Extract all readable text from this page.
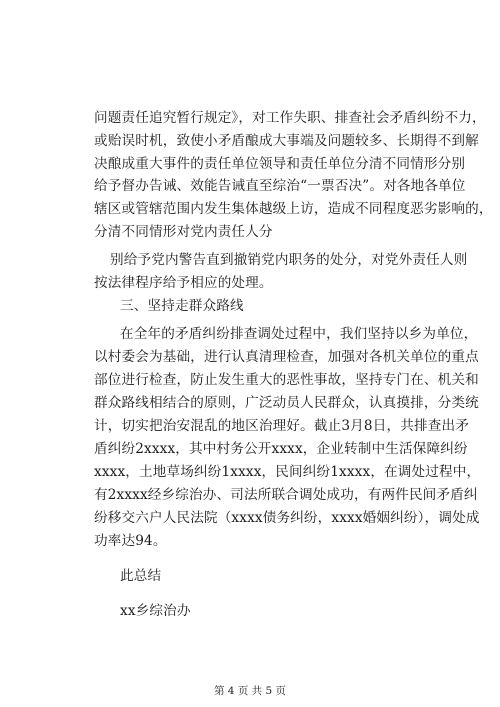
问题责任追究暂行规定》，对工作失职、排查社会矛盾纠纷不力，
或贻误时机，致使小矛盾酿成大事端及问题较多、长期得不到解
决酿成重大事件的责任单位领导和责任单位分清不同情形分别
给予督办告诫、效能告诫直至综治“一票否决”。对各地各单位
辖区或管辖范围内发生集体越级上访，造成不同程度恶劣影响的，
分清不同情形对党内责任人分
别给予党内警告直到撤销党内职务的处分，对党外责任人则
按法律程序给予相应的处理。
三、坚持走群众路线
在全年的矛盾纠纷排查调处过程中，我们坚持以乡为单位，
以村委会为基础，进行认真清理检查，加强对各机关单位的重点
部位进行检查，防止发生重大的恶性事故，坚持专门在、机关和
群众路线相结合的原则，广泛动员人民群众，认真摸排，分类统
计，切实把治安混乱的地区治理好。截止3月8日，共排查出矛
盾纠纷2xxxx，其中村务公开xxxx，企业转制中生活保障纠纷
xxxx，土地草场纠纷1xxxx，民间纠纷1xxxx，在调处过程中，
有2xxxx经乡综治办、司法所联合调处成功，有两件民间矛盾纠
纷移交六户人民法院（xxxx债务纠纷，xxxx婚姻纠纷），调处成
功率达94。
此总结
xx乡综治办
第 4 页 共 5 页
